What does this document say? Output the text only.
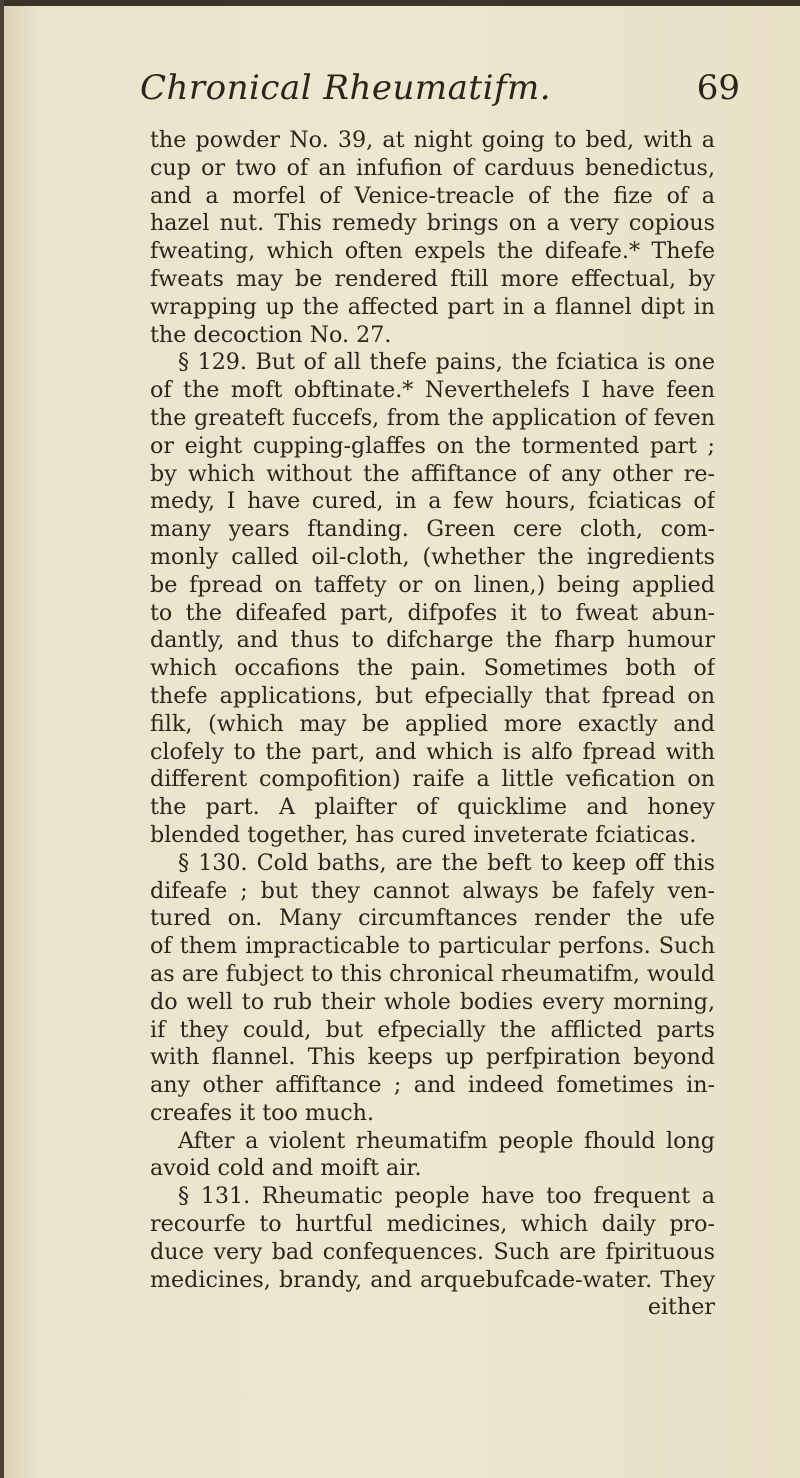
Chronical Rheumatifm.	69
the powder No. 39, at night going to bed, with a
cup or two of an infufion of carduus benedictus,
and a morfel of Venice-treacle of the fize of a
hazel nut. This remedy brings on a very copious
fweating, which often expels the difeafe.* Thefe
fweats may be rendered ftill more effectual, by
wrapping up the affected part in a flannel dipt in
the decoction No. 27.
§ 129. But of all thefe pains, the fciatica is one
of the moft obftinate.* Neverthelefs I have feen
the greateft fuccefs, from the application of feven
or eight cupping-glaffes on the tormented part ;
by which without the affiftance of any other re-
medy, I have cured, in a few hours, fciaticas of
many years ftanding. Green cere cloth, com-
monly called oil-cloth, (whether the ingredients
be fpread on taffety or on linen,) being applied
to the difeafed part, difpofes it to fweat abun-
dantly, and thus to difcharge the fharp humour
which occafions the pain. Sometimes both of
thefe applications, but efpecially that fpread on
filk, (which may be applied more exactly and
clofely to the part, and which is alfo fpread with
different compofition) raife a little vefication on
the part. A plaifter of quicklime and honey
blended together, has cured inveterate fciaticas.
§ 130. Cold baths, are the beft to keep off this
difeafe ; but they cannot always be fafely ven-
tured on. Many circumftances render the ufe
of them impracticable to particular perfons. Such
as are fubject to this chronical rheumatifm, would
do well to rub their whole bodies every morning,
if they could, but efpecially the afflicted parts
with flannel. This keeps up perfpiration beyond
any other affiftance ; and indeed fometimes in-
creafes it too much.
After a violent rheumatifm people fhould long
avoid cold and moift air.
§ 131. Rheumatic people have too frequent a
recourfe to hurtful medicines, which daily pro-
duce very bad confequences. Such are fpirituous
medicines, brandy, and arquebufcade-water. They
either
